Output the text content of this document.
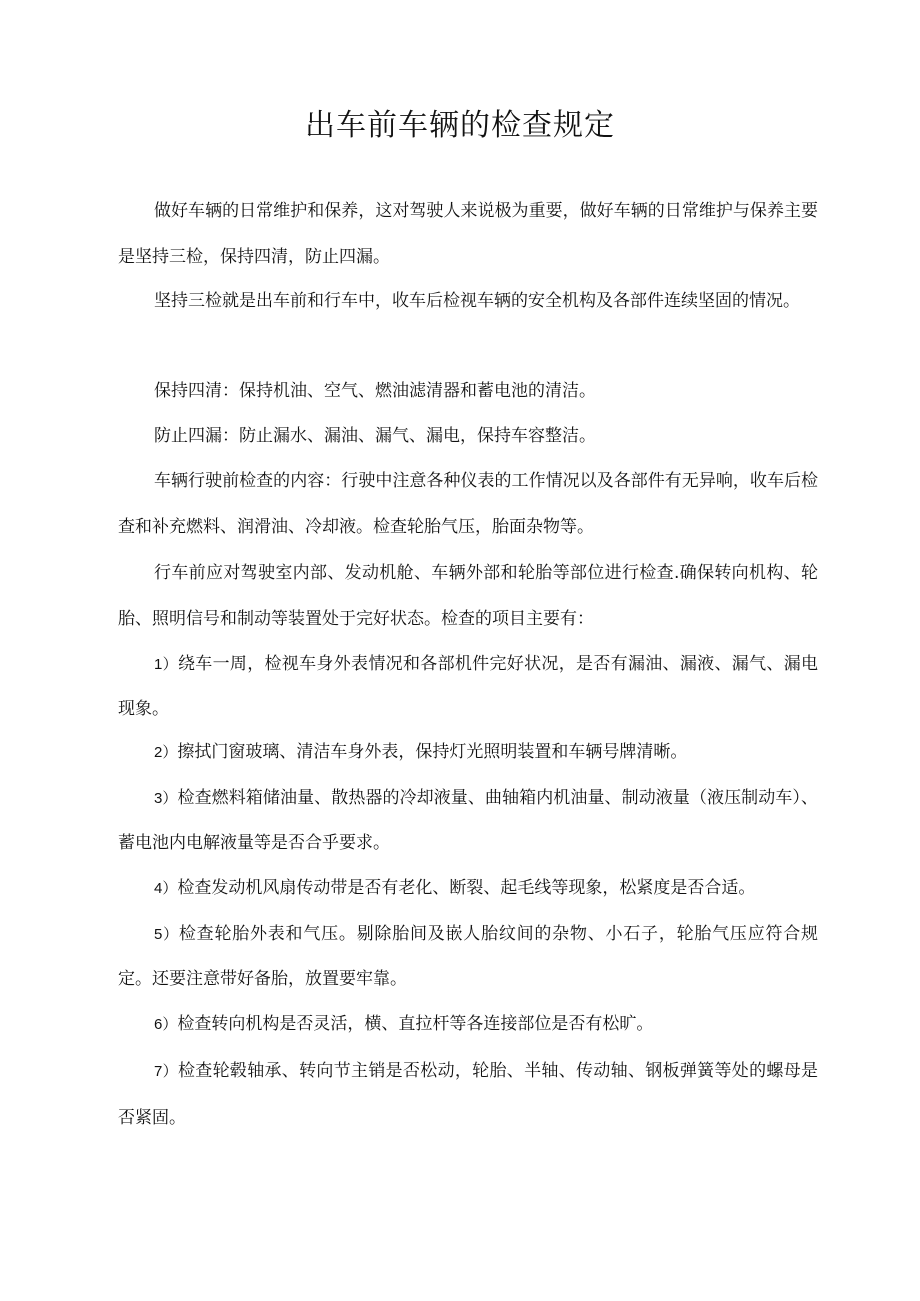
出车前车辆的检查规定

做好车辆的日常维护和保养，这对驾驶人来说极为重要，做好车辆的日常维护与保养主要是坚持三检，保持四清，防止四漏。

坚持三检就是出车前和行车中，收车后检视车辆的安全机构及各部件连续坚固的情况。

保持四清：保持机油、空气、燃油滤清器和蓄电池的清洁。

防止四漏：防止漏水、漏油、漏气、漏电，保持车容整洁。

车辆行驶前检查的内容：行驶中注意各种仪表的工作情况以及各部件有无异响，收车后检查和补充燃料、润滑油、冷却液。检查轮胎气压，胎面杂物等。

行车前应对驾驶室内部、发动机舱、车辆外部和轮胎等部位进行检查.确保转向机构、轮胎、照明信号和制动等装置处于完好状态。检查的项目主要有：

1）绕车一周，检视车身外表情况和各部机件完好状况，是否有漏油、漏液、漏气、漏电现象。

2）擦拭门窗玻璃、清洁车身外表，保持灯光照明装置和车辆号牌清晰。

3）检查燃料箱储油量、散热器的冷却液量、曲轴箱内机油量、制动液量（液压制动车）、蓄电池内电解液量等是否合乎要求。

4）检查发动机风扇传动带是否有老化、断裂、起毛线等现象，松紧度是否合适。

5）检查轮胎外表和气压。剔除胎间及嵌人胎纹间的杂物、小石子，轮胎气压应符合规定。还要注意带好备胎，放置要牢靠。

6）检查转向机构是否灵活，横、直拉杆等各连接部位是否有松旷。

7）检查轮毂轴承、转向节主销是否松动，轮胎、半轴、传动轴、钢板弹簧等处的螺母是否紧固。
